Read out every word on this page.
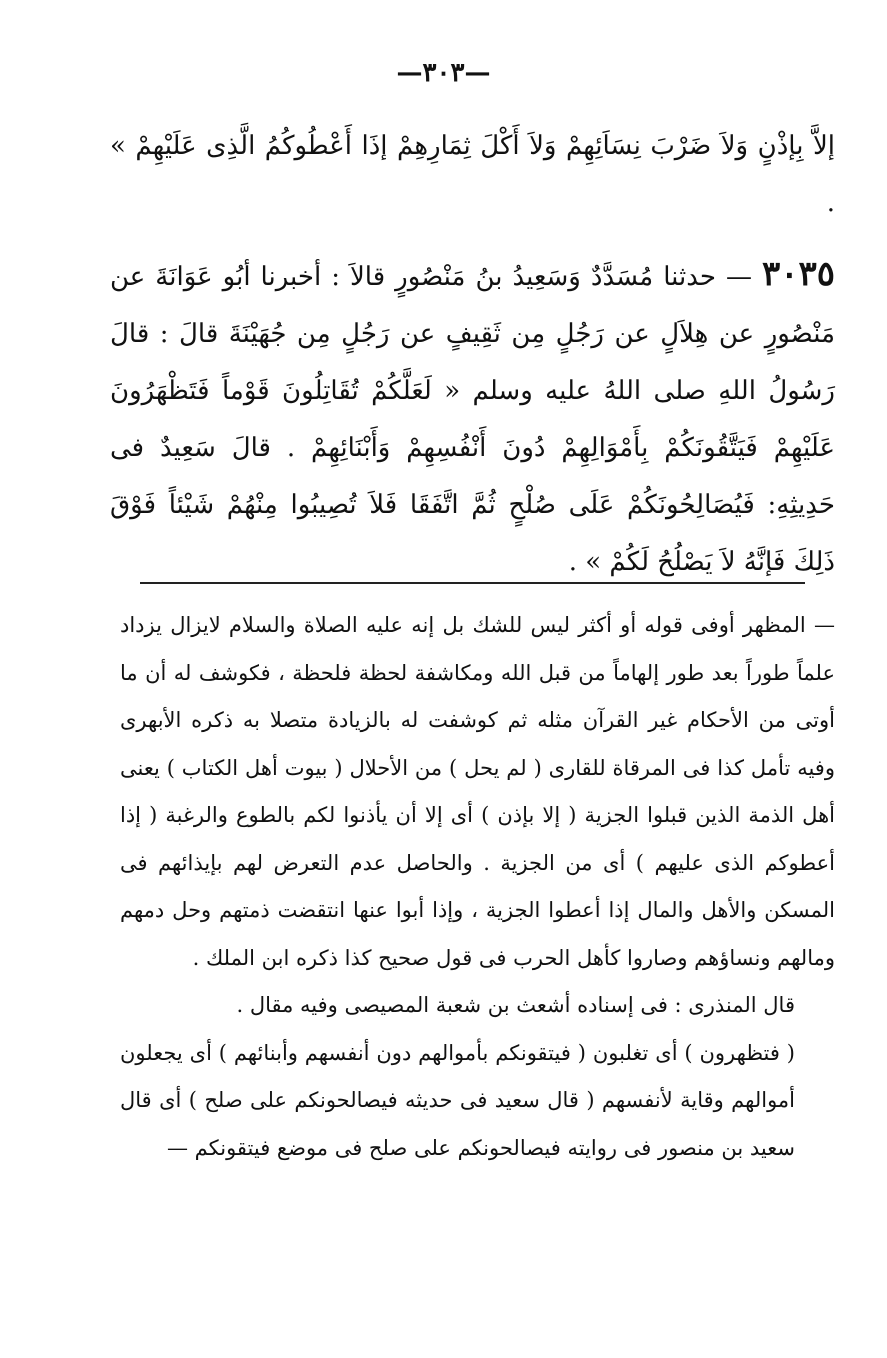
—٣٠٣—

إلاَّ بِإذْنٍ وَلاَ ضَرْبَ نِسَاَئِهِمْ وَلاَ أَكْلَ ثِمَارِهِمْ إذَا أَعْطُوكُمُ الَّذِى عَلَيْهِمْ » .

٣٠٣٥ — حدثنا مُسَدَّدٌ وَسَعِيدُ بنُ مَنْصُورٍ قالاَ : أخبرنا أبُو عَوَانَةَ عن مَنْصُورٍ عن هِلاَلٍ عن رَجُلٍ مِن ثَقِيفٍ عن رَجُلٍ مِن جُهَيْنَةَ قالَ : قالَ رَسُولُ اللهِ صلى اللهُ عليه وسلم « لَعَلَّكُمْ تُقَاتِلُونَ قَوْماً فَتَظْهَرُونَ عَلَيْهِمْ فَيَتَّقُونَكُمْ بِأَمْوَالِهِمْ دُونَ أَنْفُسِهِمْ وَأَبْنَائِهِمْ . قالَ سَعِيدٌ فى حَدِيثِهِ: فَيُصَالِحُونَكُمْ عَلَى صُلْحٍ ثُمَّ اتَّفَقَا فَلاَ تُصِيبُوا مِنْهُمْ شَيْئاً فَوْقَ ذَلِكَ فَإنَّهُ لاَ يَصْلُحُ لَكُمْ » .

— المظهر أوفى قوله أو أكثر ليس للشك بل إنه عليه الصلاة والسلام لايزال يزداد علماً طوراً بعد طور إلهاماً من قبل الله ومكاشفة لحظة فلحظة ، فكوشف له أن ما أوتى من الأحكام غير القرآن مثله ثم كوشفت له بالزيادة متصلا به ذكره الأبهرى وفيه تأمل كذا فى المرقاة للقارى ( لم يحل ) من الأحلال ( بيوت أهل الكتاب ) يعنى أهل الذمة الذين قبلوا الجزية ( إلا بإذن ) أى إلا أن يأذنوا لكم بالطوع والرغبة ( إذا أعطوكم الذى عليهم ) أى من الجزية . والحاصل عدم التعرض لهم بإيذائهم فى المسكن والأهل والمال إذا أعطوا الجزية ، وإذا أبوا عنها انتقضت ذمتهم وحل دمهم ومالهم ونساؤهم وصاروا كأهل الحرب فى قول صحيح كذا ذكره ابن الملك .

قال المنذرى : فى إسناده أشعث بن شعبة المصيصى وفيه مقال .

( فتظهرون ) أى تغلبون ( فيتقونكم بأموالهم دون أنفسهم وأبنائهم ) أى يجعلون أموالهم وقاية لأنفسهم ( قال سعيد فى حديثه فيصالحونكم على صلح ) أى قال سعيد بن منصور فى روايته فيصالحونكم على صلح فى موضع فيتقونكم —
